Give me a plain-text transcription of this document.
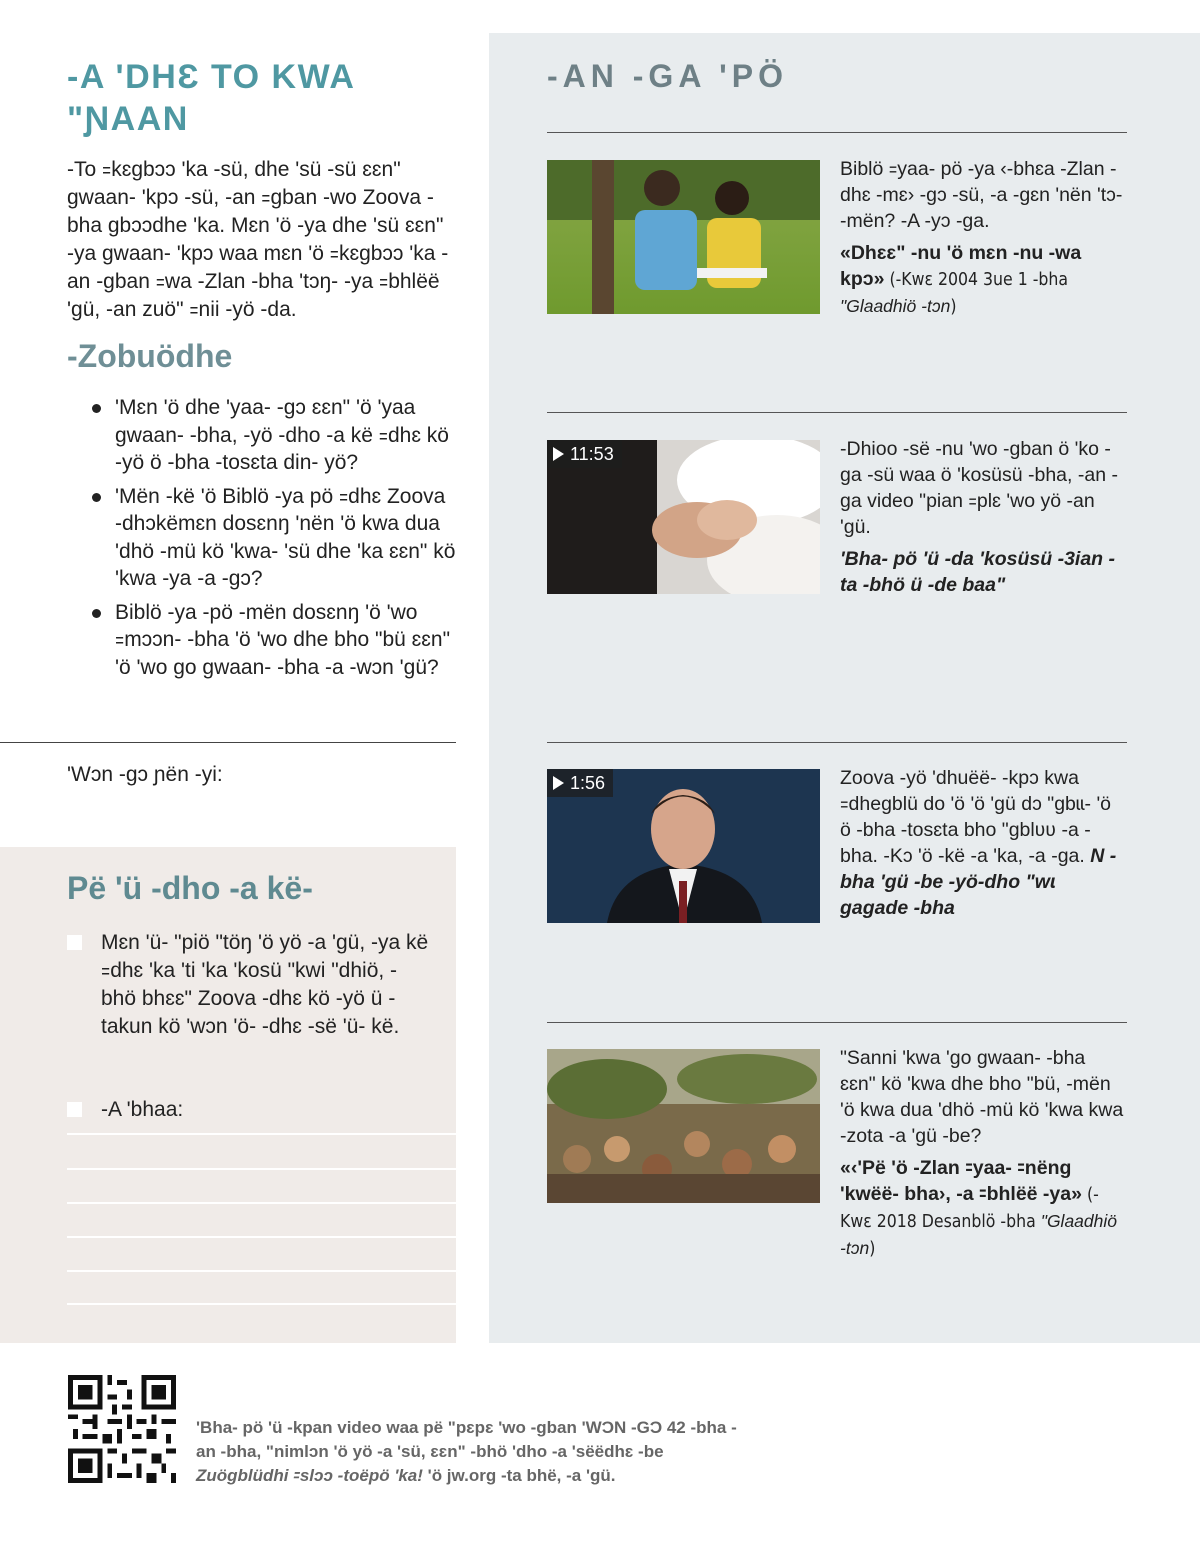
-A 'DHƐ TO KWA "ƝAAN

-To ꞊kɛgbɔɔ 'ka -sü, dhe 'sü -sü ɛɛn" gwaan- 'kpɔ -sü, -an ꞊gban -wo Zoova -bha gbɔɔdhe 'ka. Mɛn 'ö -ya dhe 'sü ɛɛn" -ya gwaan- 'kpɔ waa mɛn 'ö ꞊kɛgbɔɔ 'ka -an -gban ꞊wa -Zlan -bha 'tɔŋ- -ya ꞊bhlëë 'gü, -an zuö" ꞊nii -yö -da.

-Zobuödhe
'Mɛn 'ö dhe 'yaa- -gɔ ɛɛn" 'ö 'yaa gwaan- -bha, -yö -dho -a kë ꞊dhɛ kö -yö ö -bha -tosɛta din- yö?
'Mën -kë 'ö Biblö -ya pö ꞊dhɛ Zoova -dhɔkëmɛn dosɛnŋ 'nën 'ö kwa dua 'dhö -mü kö 'kwa- 'sü dhe 'ka ɛɛn" kö 'kwa -ya -a -gɔ?
Biblö -ya -pö -mën dosɛnŋ 'ö 'wo ꞊mɔɔn- -bha 'ö 'wo dhe bho "bü ɛɛn" 'ö 'wo go gwaan- -bha -a -wɔn 'gü?

'Wɔn -gɔ ɲën -yi:

Pë 'ü -dho -a kë-
Mɛn 'ü- "piö "töŋ 'ö yö -a 'gü, -ya kë ꞊dhɛ 'ka 'ti 'ka 'kosü "kwi "dhiö, -bhö bhɛɛ" Zoova -dhɛ kö -yö ü -takun kö 'wɔn 'ö- -dhɛ -së 'ü- kë.
-A 'bhaa:
-AN -GA 'PÖ
Biblö ꞊yaa- pö -ya ‹-bhɛa -Zlan -dhɛ -mɛ› -gɔ -sü, -a -gɛn 'nën 'tɔ- -mën? -A -yɔ -ga.
«Dhɛɛ" -nu 'ö mɛn -nu -wa kpɔ» (-Kwɛ 2004 3ue 1 -bha "Glaadhiö -tɔn)
11:53	-Dhioo -së -nu 'wo -gban ö 'ko -ga -sü waa ö 'kosüsü -bha, -an -ga video "pian ꞊plɛ 'wo yö -an 'gü.
'Bha- pö 'ü -da 'kosüsü -3ian -ta -bhö ü -de baa"
1:56	Zoova -yö 'dhuëë- -kpɔ kwa ꞊dhegblü do 'ö 'ö 'gü dɔ "gbɩɩ- 'ö ö -bha -tosɛta bho "gblʋʋ -a -bha. -Kɔ 'ö -kë -a 'ka, -a -ga. N -bha 'gü -be -yö-dho "wɩ gagade -bha
"Sanni 'kwa 'go gwaan- -bha ɛɛn" kö 'kwa dhe bho "bü, -mën 'ö kwa dua 'dhö -mü kö 'kwa kwa -zota -a 'gü -be?
«‹'Pë 'ö -Zlan ꞊yaa- ꞊nëng 'kwëë- bha›, -a ꞊bhlëë -ya» (-Kwɛ 2018 Desanblö -bha "Glaadhiö -tɔn)

'Bha- pö 'ü -kpan video waa pë "pɛpɛ 'wo -gban 'WƆN -GƆ 42 -bha -an -bha, "nimlɔn 'ö yö -a 'sü, ɛɛn" -bhö 'dho -a 'sëëdhɛ -be Zuögblüdhi ꞊slɔɔ -toëpö 'ka! 'ö jw.org -ta bhë, -a 'gü.
